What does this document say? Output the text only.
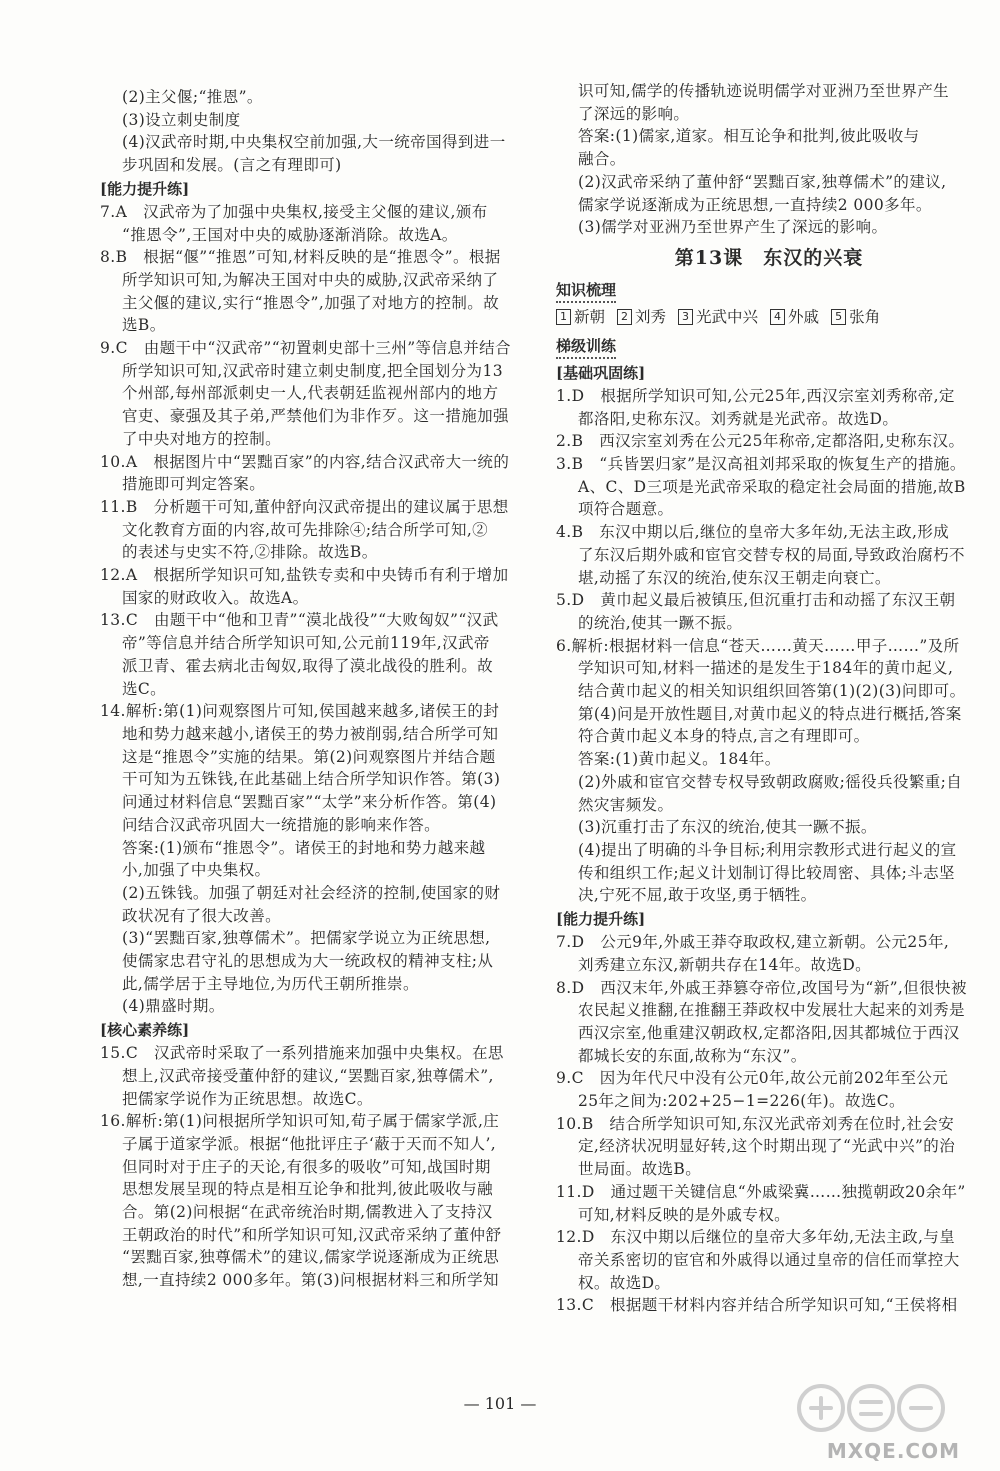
(2)主父偃;“推恩”。

(3)设立刺史制度

(4)汉武帝时期,中央集权空前加强,大一统帝国得到进一

步巩固和发展。(言之有理即可)

[能力提升练]

7.A　汉武帝为了加强中央集权,接受主父偃的建议,颁布

“推恩令”,王国对中央的威胁逐渐消除。故选A。

8.B　根据“偃”“推恩”可知,材料反映的是“推恩令”。根据

所学知识可知,为解决王国对中央的威胁,汉武帝采纳了

主父偃的建议,实行“推恩令”,加强了对地方的控制。故

选B。

9.C　由题干中“汉武帝”“初置刺史部十三州”等信息并结合

所学知识可知,汉武帝时建立刺史制度,把全国划分为13

个州部,每州部派刺史一人,代表朝廷监视州部内的地方

官吏、豪强及其子弟,严禁他们为非作歹。这一措施加强

了中央对地方的控制。

10.A　根据图片中“罢黜百家”的内容,结合汉武帝大一统的

措施即可判定答案。

11.B　分析题干可知,董仲舒向汉武帝提出的建议属于思想

文化教育方面的内容,故可先排除④;结合所学可知,②

的表述与史实不符,②排除。故选B。

12.A　根据所学知识可知,盐铁专卖和中央铸币有利于增加

国家的财政收入。故选A。

13.C　由题干中“他和卫青”“漠北战役”“大败匈奴”“汉武

帝”等信息并结合所学知识可知,公元前119年,汉武帝

派卫青、霍去病北击匈奴,取得了漠北战役的胜利。故

选C。

14.解析:第(1)问观察图片可知,侯国越来越多,诸侯王的封

地和势力越来越小,诸侯王的势力被削弱,结合所学可知

这是“推恩令”实施的结果。第(2)问观察图片并结合题

干可知为五铢钱,在此基础上结合所学知识作答。第(3)

问通过材料信息“罢黜百家”“太学”来分析作答。第(4)

问结合汉武帝巩固大一统措施的影响来作答。

答案:(1)颁布“推恩令”。诸侯王的封地和势力越来越

小,加强了中央集权。

(2)五铢钱。加强了朝廷对社会经济的控制,使国家的财

政状况有了很大改善。

(3)“罢黜百家,独尊儒术”。把儒家学说立为正统思想,

使儒家忠君守礼的思想成为大一统政权的精神支柱;从

此,儒学居于主导地位,为历代王朝所推崇。

(4)鼎盛时期。

[核心素养练]

15.C　汉武帝时采取了一系列措施来加强中央集权。在思

想上,汉武帝接受董仲舒的建议,“罢黜百家,独尊儒术”,

把儒家学说作为正统思想。故选C。

16.解析:第(1)问根据所学知识可知,荀子属于儒家学派,庄

子属于道家学派。根据“他批评庄子‘蔽于天而不知人’,

但同时对于庄子的天论,有很多的吸收”可知,战国时期

思想发展呈现的特点是相互论争和批判,彼此吸收与融

合。第(2)问根据“在武帝统治时期,儒教进入了支持汉

王朝政治的时代”和所学知识可知,汉武帝采纳了董仲舒

“罢黜百家,独尊儒术”的建议,儒家学说逐渐成为正统思

想,一直持续2 000多年。第(3)问根据材料三和所学知

识可知,儒学的传播轨迹说明儒学对亚洲乃至世界产生

了深远的影响。

答案:(1)儒家,道家。相互论争和批判,彼此吸收与

融合。

(2)汉武帝采纳了董仲舒“罢黜百家,独尊儒术”的建议,

儒家学说逐渐成为正统思想,一直持续2 000多年。

(3)儒学对亚洲乃至世界产生了深远的影响。

第13课　东汉的兴衰
知识梳理
1 新朝	2 刘秀	3 光武中兴	4 外戚	5 张角
梯级训练

[基础巩固练]

1.D　根据所学知识可知,公元25年,西汉宗室刘秀称帝,定

都洛阳,史称东汉。刘秀就是光武帝。故选D。

2.B　西汉宗室刘秀在公元25年称帝,定都洛阳,史称东汉。

3.B　“兵皆罢归家”是汉高祖刘邦采取的恢复生产的措施。

A、C、D三项是光武帝采取的稳定社会局面的措施,故B

项符合题意。

4.B　东汉中期以后,继位的皇帝大多年幼,无法主政,形成

了东汉后期外戚和宦官交替专权的局面,导致政治腐朽不

堪,动摇了东汉的统治,使东汉王朝走向衰亡。

5.D　黄巾起义最后被镇压,但沉重打击和动摇了东汉王朝

的统治,使其一蹶不振。

6.解析:根据材料一信息“苍天……黄天……甲子……”及所

学知识可知,材料一描述的是发生于184年的黄巾起义,

结合黄巾起义的相关知识组织回答第(1)(2)(3)问即可。

第(4)问是开放性题目,对黄巾起义的特点进行概括,答案

符合黄巾起义本身的特点,言之有理即可。

答案:(1)黄巾起义。184年。

(2)外戚和宦官交替专权导致朝政腐败;徭役兵役繁重;自

然灾害频发。

(3)沉重打击了东汉的统治,使其一蹶不振。

(4)提出了明确的斗争目标;利用宗教形式进行起义的宣

传和组织工作;起义计划制订得比较周密、具体;斗志坚

决,宁死不屈,敢于攻坚,勇于牺牲。

[能力提升练]

7.D　公元9年,外戚王莽夺取政权,建立新朝。公元25年,

刘秀建立东汉,新朝共存在14年。故选D。

8.D　西汉末年,外戚王莽篡夺帝位,改国号为“新”,但很快被

农民起义推翻,在推翻王莽政权中发展壮大起来的刘秀是

西汉宗室,他重建汉朝政权,定都洛阳,因其都城位于西汉

都城长安的东面,故称为“东汉”。

9.C　因为年代尺中没有公元0年,故公元前202年至公元

25年之间为:202+25−1=226(年)。故选C。

10.B　结合所学知识可知,东汉光武帝刘秀在位时,社会安

定,经济状况明显好转,这个时期出现了“光武中兴”的治

世局面。故选B。

11.D　通过题干关键信息“外戚梁冀……独揽朝政20余年”

可知,材料反映的是外戚专权。

12.D　东汉中期以后继位的皇帝大多年幼,无法主政,与皇

帝关系密切的宦官和外戚得以通过皇帝的信任而掌控大

权。故选D。

13.C　根据题干材料内容并结合所学知识可知,“王侯将相

— 101 —
MXQE.COM
